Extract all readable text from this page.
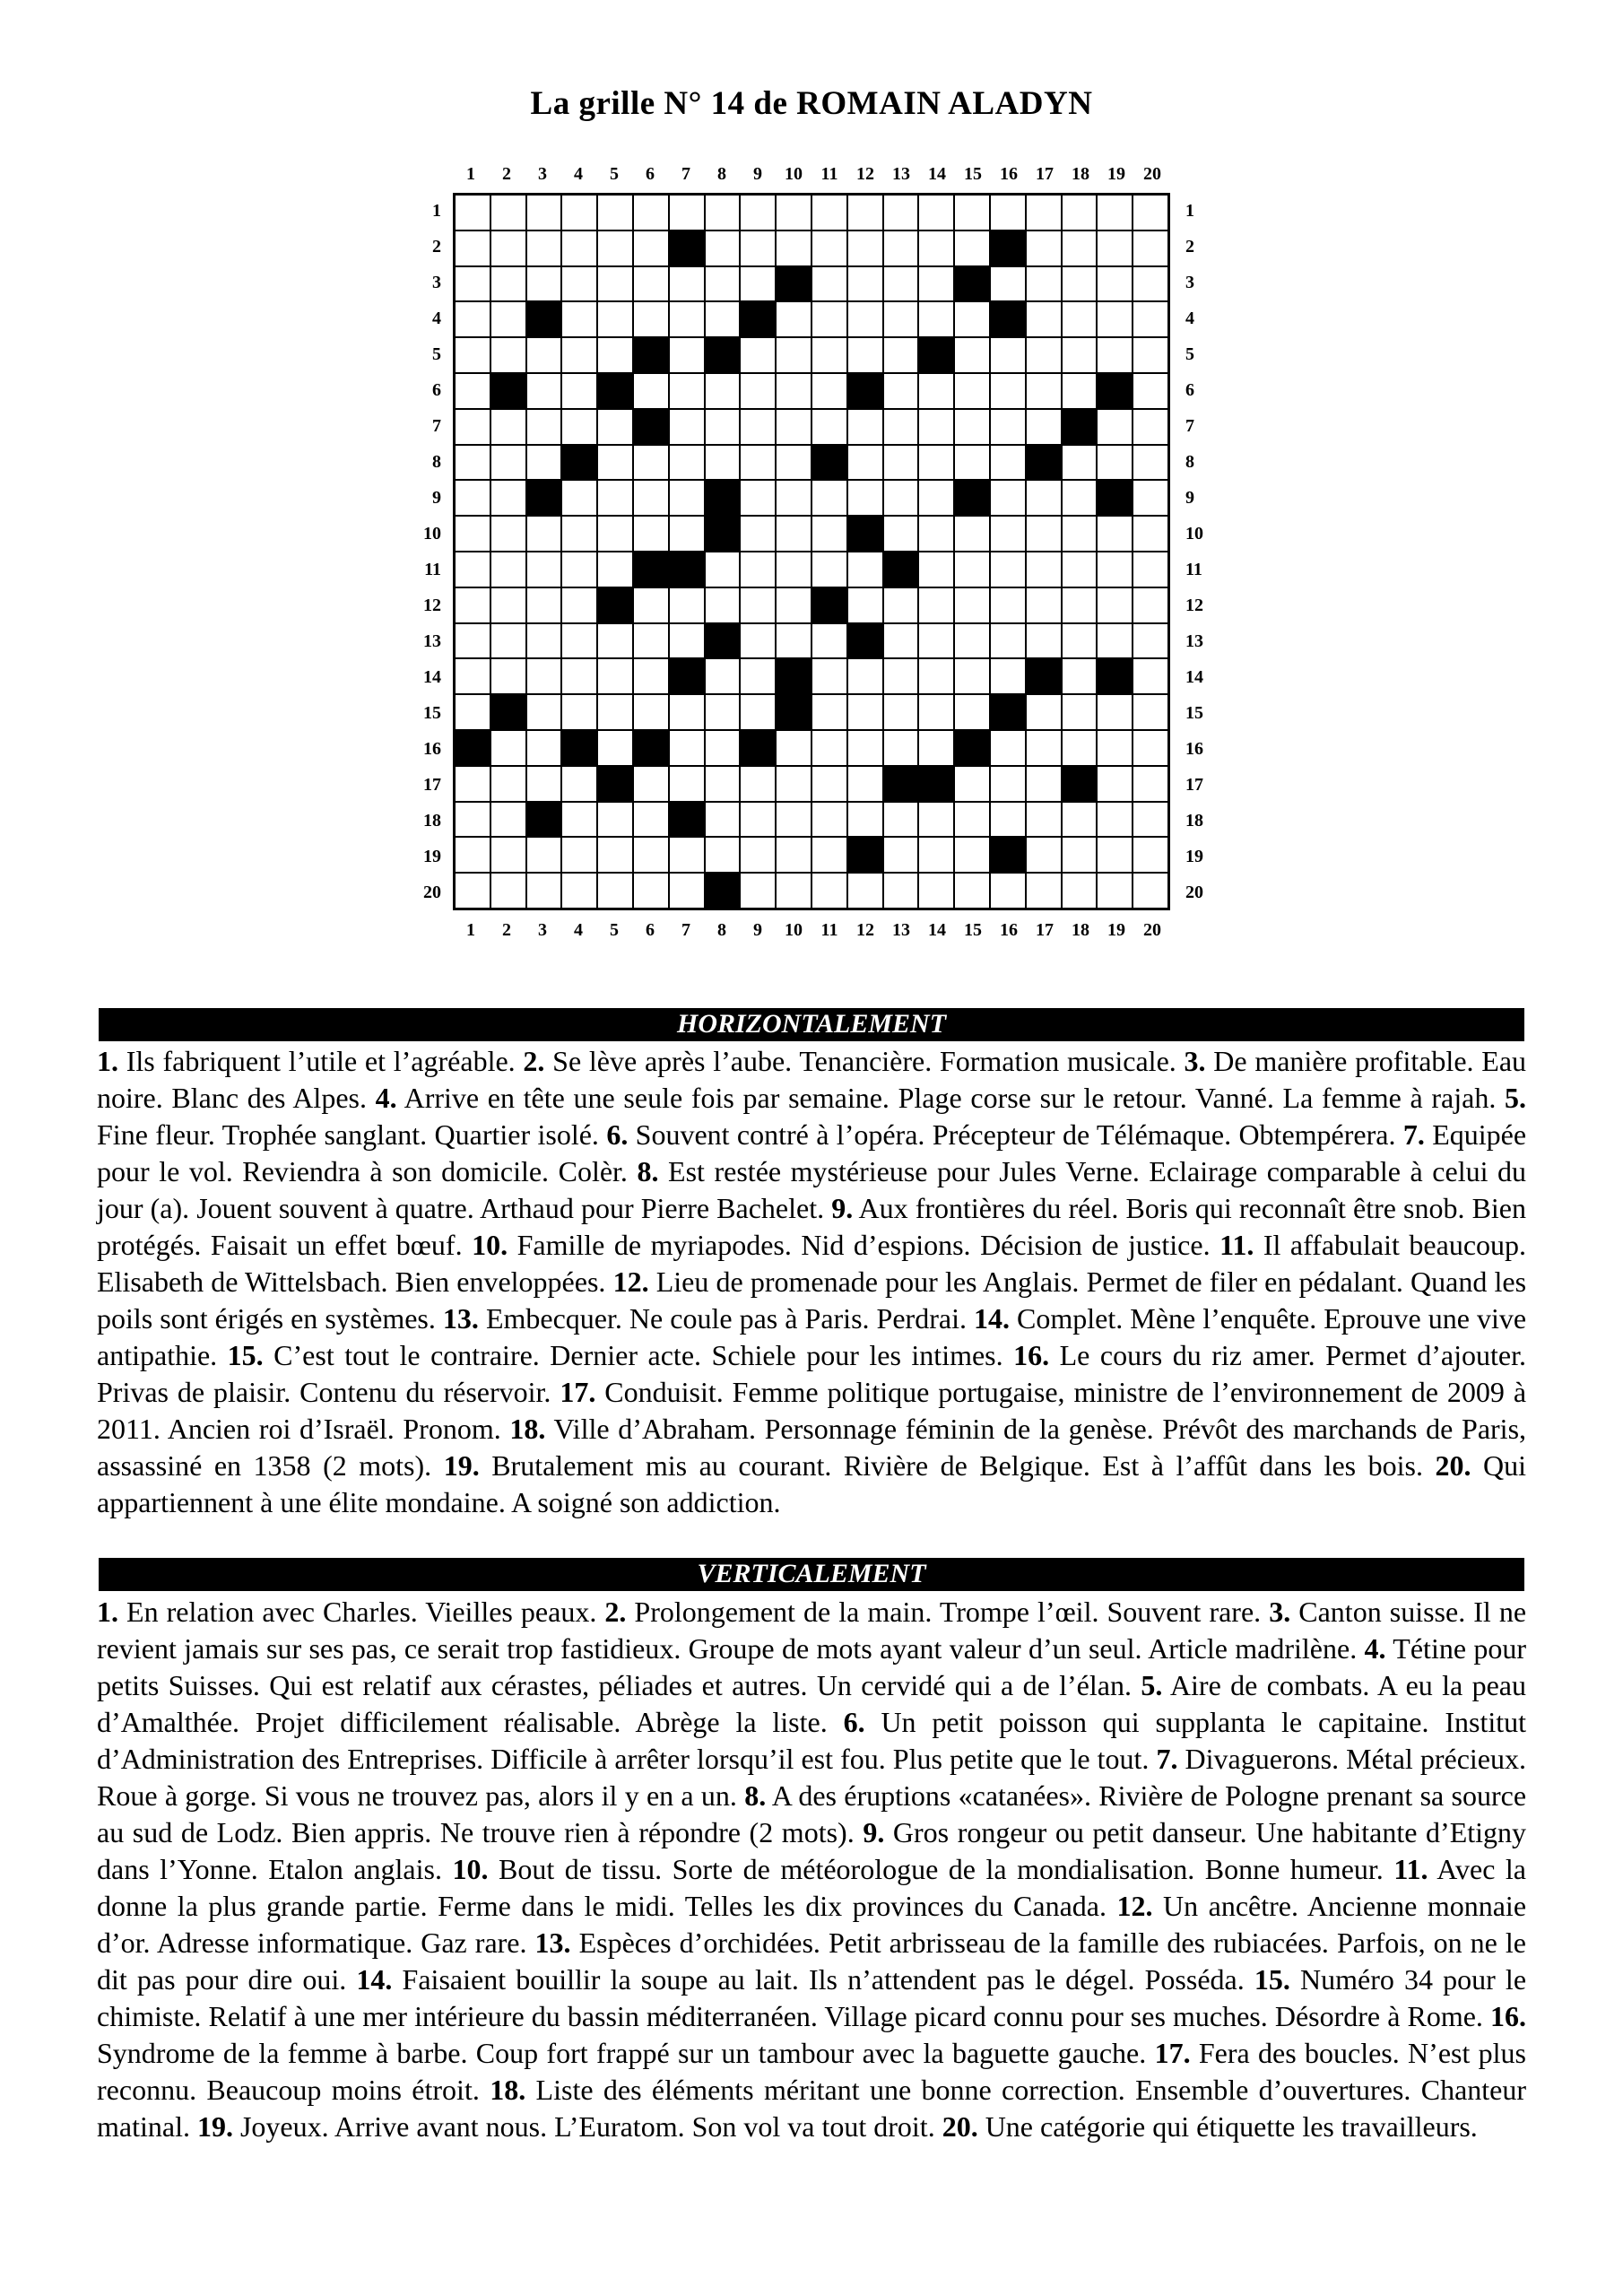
La grille N° 14 de ROMAIN ALADYN
1	2	3	4	5	6	7	8	9	10	11	12	13	14	15	16	17	18	19	20
1
2
3
4
5
6
7
8
9
10
11
12
13
14
15
16
17
18
19
20
1
2
3
4
5
6
7
8
9
10
11
12
13
14
15
16
17
18
19
20
1	2	3	4	5	6	7	8	9	10	11	12	13	14	15	16	17	18	19	20
HORIZONTALEMENT

1. Ils fabriquent l’utile et l’agréable. 2. Se lève après l’aube. Tenancière. Formation musicale. 3. De manière profitable. Eau noire. Blanc des Alpes. 4. Arrive en tête une seule fois par semaine. Plage corse sur le retour. Vanné. La femme à rajah. 5. Fine fleur. Trophée sanglant. Quartier isolé. 6. Souvent contré à l’opéra. Précepteur de Télémaque. Obtempérera. 7. Equipée pour le vol. Reviendra à son domicile. Colèr. 8. Est restée mystérieuse pour Jules Verne. Eclairage comparable à celui du jour (a). Jouent souvent à quatre. Arthaud pour Pierre Bachelet. 9. Aux frontières du réel. Boris qui reconnaît être snob. Bien protégés. Faisait un effet bœuf. 10. Famille de myriapodes. Nid d’espions. Décision de justice. 11. Il affabulait beaucoup. Elisabeth de Wittelsbach. Bien enveloppées. 12. Lieu de promenade pour les Anglais. Permet de filer en pédalant. Quand les poils sont érigés en systèmes. 13. Embecquer. Ne coule pas à Paris. Perdrai. 14. Complet. Mène l’enquête. Eprouve une vive antipathie. 15. C’est tout le contraire. Dernier acte. Schiele pour les intimes. 16. Le cours du riz amer. Permet d’ajouter. Privas de plaisir. Contenu du réservoir. 17. Conduisit. Femme politique portugaise, ministre de l’environnement de 2009 à 2011. Ancien roi d’Israël. Pronom. 18. Ville d’Abraham. Personnage féminin de la genèse. Prévôt des marchands de Paris, assassiné en 1358 (2 mots). 19. Brutalement mis au courant. Rivière de Belgique. Est à l’affût dans les bois. 20. Qui appartiennent à une élite mondaine. A soigné son addiction.

VERTICALEMENT

1. En relation avec Charles. Vieilles peaux. 2. Prolongement de la main. Trompe l’œil. Souvent rare. 3. Canton suisse. Il ne revient jamais sur ses pas, ce serait trop fastidieux. Groupe de mots ayant valeur d’un seul. Article madrilène. 4. Tétine pour petits Suisses. Qui est relatif aux cérastes, péliades et autres. Un cervidé qui a de l’élan. 5. Aire de combats. A eu la peau d’Amalthée. Projet difficilement réalisable. Abrège la liste. 6. Un petit poisson qui supplanta le capitaine. Institut d’Administration des Entreprises. Difficile à arrêter lorsqu’il est fou. Plus petite que le tout. 7. Divaguerons. Métal précieux. Roue à gorge. Si vous ne trouvez pas, alors il y en a un. 8. A des éruptions «catanées». Rivière de Pologne prenant sa source au sud de Lodz. Bien appris. Ne trouve rien à répondre (2 mots). 9. Gros rongeur ou petit danseur. Une habitante d’Etigny dans l’Yonne. Etalon anglais. 10. Bout de tissu. Sorte de météorologue de la mondialisation. Bonne humeur. 11. Avec la donne la plus grande partie. Ferme dans le midi. Telles les dix provinces du Canada. 12. Un ancêtre. Ancienne monnaie d’or. Adresse informatique. Gaz rare. 13. Espèces d’orchidées. Petit arbrisseau de la famille des rubiacées. Parfois, on ne le dit pas pour dire oui. 14. Faisaient bouillir la soupe au lait. Ils n’attendent pas le dégel. Posséda. 15. Numéro 34 pour le chimiste. Relatif à une mer intérieure du bassin méditerranéen. Village picard connu pour ses muches. Désordre à Rome. 16. Syndrome de la femme à barbe. Coup fort frappé sur un tambour avec la baguette gauche. 17. Fera des boucles. N’est plus reconnu. Beaucoup moins étroit. 18. Liste des éléments méritant une bonne correction. Ensemble d’ouvertures. Chanteur matinal. 19. Joyeux. Arrive avant nous. L’Euratom. Son vol va tout droit. 20. Une catégorie qui étiquette les travailleurs.
